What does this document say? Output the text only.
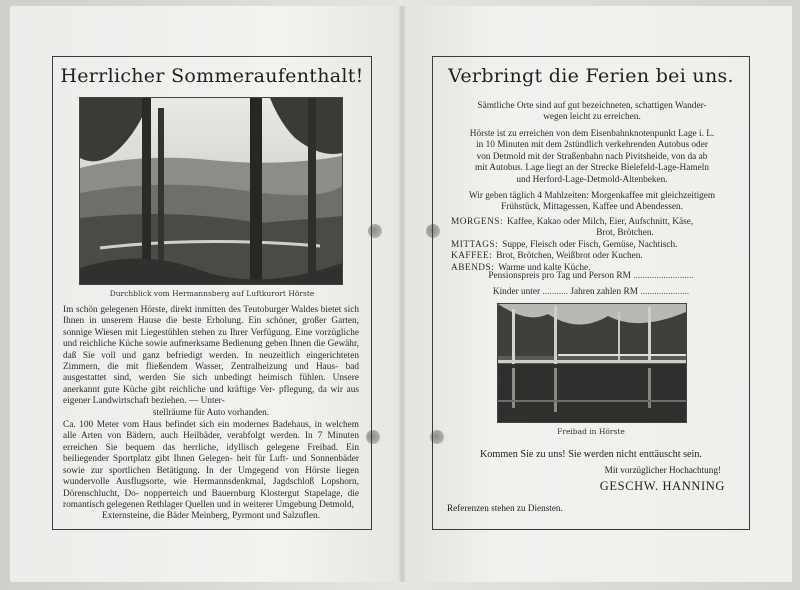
Herrlicher Sommeraufenthalt!
Durchblick vom Hermannsberg auf Luftkurort Hörste

Im schön gelegenen Hörste, direkt inmitten des Teutoburger Waldes bietet sich Ihnen in unserem Hause die beste Erholung. Ein schöner, großer Garten, sonnige Wiesen mit Liegestühlen stehen zu Ihrer Verfügung. Eine vorzügliche und reichliche Küche sowie aufmerksame Bedienung geben Ihnen die Gewähr, daß Sie voll und ganz befriedigt werden. In neuzeitlich eingerichteten Zimmern, die mit fließendem Wasser, Zentralheizung und Haus- bad ausgestattet sind, werden Sie sich unbedingt heimisch fühlen. Unsere anerkannt gute Küche gibt reichliche und kräftige Ver- pflegung, da wir aus eigener Landwirtschaft beziehen. — Unter-
stellräume für Auto vorhanden.

Ca. 100 Meter vom Haus befindet sich ein modernes Badehaus, in welchem alle Arten von Bädern, auch Heilbäder, verabfolgt werden. In 7 Minuten erreichen Sie bequem das herrliche, idyllisch gelegene Freibad. Ein beiliegender Sportplatz gibt Ihnen Gelegen- heit für Luft- und Sonnenbäder sowie zur sportlichen Betätigung. In der Umgegend von Hörste liegen wundervolle Ausflugsorte, wie Hermannsdenkmal, Jagdschloß Lopshorn, Dörenschlucht, Do- nopperteich und Bauernburg Klostergut Stapelage, die romantisch gelegenen Rethlager Quellen und in weiterer Umgebung Detmold,
Externsteine, die Bäder Meinberg, Pyrmont und Salzuflen.

Verbringt die Ferien bei uns.
Sämtliche Orte sind auf gut bezeichneten, schattigen Wander-
wegen leicht zu erreichen.
Hörste ist zu erreichen von dem Eisenbahnknotenpunkt Lage i. L.
in 10 Minuten mit dem 2stündlich verkehrenden Autobus oder
von Detmold mit der Straßenbahn nach Pivitsheide, von da ab
mit Autobus. Lage liegt an der Strecke Bielefeld-Lage-Hameln
und Herford-Lage-Detmold-Altenbeken.
Wir geben täglich 4 Mahlzeiten: Morgenkaffee mit gleichzeitigem
Frühstück, Mittagessen, Kaffee und Abendessen.
MORGENS: Kaffee, Kakao oder Milch, Eier, Aufschnitt, Käse,

Brot, Brötchen.
MITTAGS: Suppe, Fleisch oder Fisch, Gemüse, Nachtisch.
KAFFEE: Brot, Brötchen, Weißbrot oder Kuchen.
ABENDS: Warme und kalte Küche.
Pensionspreis pro Tag und Person RM ..........................
Kinder unter ........... Jahren zahlen RM .....................
Freibad in Hörste
Kommen Sie zu uns! Sie werden nicht enttäuscht sein.
Mit vorzüglicher Hochachtung!
GESCHW. HANNING
Referenzen stehen zu Diensten.
